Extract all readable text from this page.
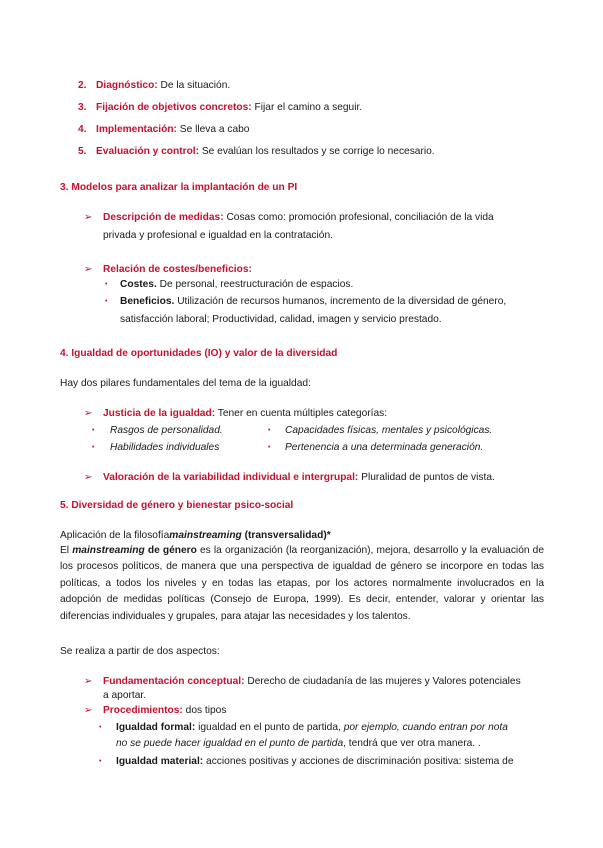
2. Diagnóstico: De la situación.
3. Fijación de objetivos concretos: Fijar el camino a seguir.
4. Implementación: Se lleva a cabo
5. Evaluación y control: Se evalúan los resultados y se corrige lo necesario.
3. Modelos para analizar la implantación de un PI
➢ Descripción de medidas: Cosas como: promoción profesional, conciliación de la vida
privada y profesional e igualdad en la contratación.
➢ Relación de costes/beneficios:
• Costes. De personal, reestructuración de espacios.
• Beneficios. Utilización de recursos humanos, incremento de la diversidad de género,
satisfacción laboral; Productividad, calidad, imagen y servicio prestado.
4. Igualdad de oportunidades (IO) y valor de la diversidad
Hay dos pilares fundamentales del tema de la igualdad:
➢ Justicia de la igualdad: Tener en cuenta múltiples categorías:
• Rasgos de personalidad.	• Capacidades físicas, mentales y psicológicas.
• Habilidades individuales	• Pertenencia a una determinada generación.
➢ Valoración de la variabilidad individual e intergrupal: Pluralidad de puntos de vista.
5. Diversidad de género y bienestar psico-social
Aplicación de la filosofíamainstreaming (transversalidad)*
El mainstreaming de género es la organización (la reorganización), mejora, desarrollo y la evaluación de los procesos políticos, de manera que una perspectiva de igualdad de género se incorpore en todas las políticas, a todos los niveles y en todas las etapas, por los actores normalmente involucrados en la adopción de medidas políticas (Consejo de Europa, 1999). Es decir, entender, valorar y orientar las diferencias individuales y grupales, para atajar las necesidades y los talentos.
Se realiza a partir de dos aspectos:
➢ Fundamentación conceptual: Derecho de ciudadanía de las mujeres y Valores potenciales
a aportar.
➢ Procedimientos: dos tipos
• Igualdad formal: igualdad en el punto de partida, por ejemplo, cuando entran por nota
no se puede hacer igualdad en el punto de partida, tendrá que ver otra manera. .
• Igualdad material: acciones positivas y acciones de discriminación positiva: sistema de
